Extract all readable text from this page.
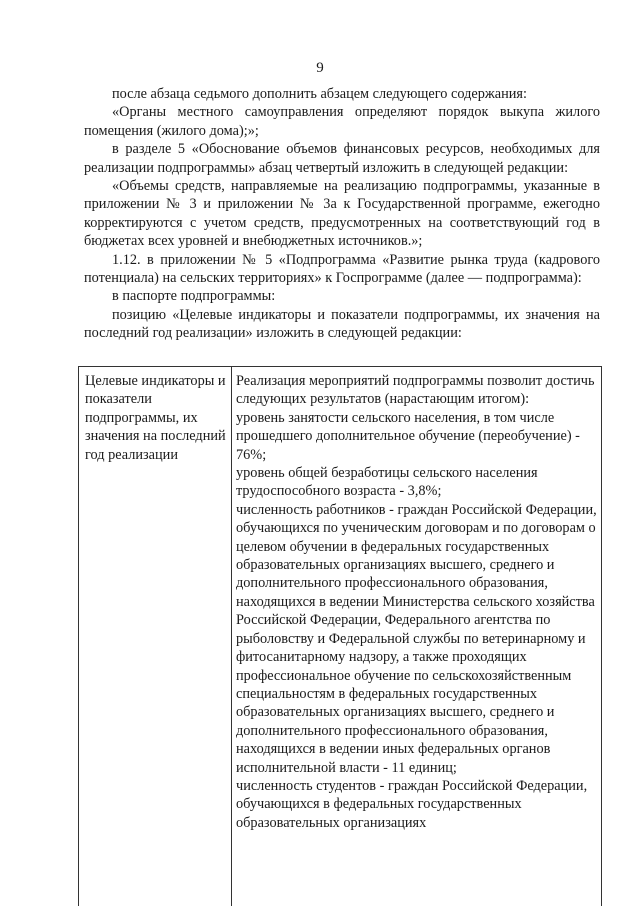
9

после абзаца седьмого дополнить абзацем следующего содержания:

«Органы местного самоуправления определяют порядок выкупа жилого помещения (жилого дома);»;

в разделе 5 «Обоснование объемов финансовых ресурсов, необходимых для реализации подпрограммы» абзац четвертый изложить в следующей редакции:

«Объемы средств, направляемые на реализацию подпрограммы, указанные в приложении № 3 и приложении № 3а к Государственной программе, ежегодно корректируются с учетом средств, предусмотренных на соответствующий год в бюджетах всех уровней и внебюджетных источников.»;

1.12. в приложении № 5 «Подпрограмма «Развитие рынка труда (кадрового потенциала) на сельских территориях» к Госпрограмме (далее — подпрограмма):

в паспорте подпрограммы:

позицию «Целевые индикаторы и показатели подпрограммы, их значения на последний год реализации» изложить в следующей редакции:

Целевые индикаторы и показатели подпрограммы, их значения на последний год реализации
Реализация мероприятий подпрограммы позволит достичь следующих результатов (нарастающим итогом):
уровень занятости сельского населения, в том числе прошедшего дополнительное обучение (переобучение) - 76%;
уровень общей безработицы сельского населения трудоспособного возраста - 3,8%;
численность работников - граждан Российской Федерации, обучающихся по ученическим договорам и по договорам о целевом обучении в федеральных государственных образовательных организациях высшего, среднего и дополнительного профессионального образования, находящихся в ведении Министерства сельского хозяйства Российской Федерации, Федерального агентства по рыболовству и Федеральной службы по ветеринарному и фитосанитарному надзору, а также проходящих профессиональное обучение по сельскохозяйственным специальностям в федеральных государственных образовательных организациях высшего, среднего и дополнительного профессионального образования, находящихся в ведении иных федеральных органов исполнительной власти - 11 единиц;
численность студентов - граждан Российской Федерации, обучающихся в федеральных государственных образовательных организациях
